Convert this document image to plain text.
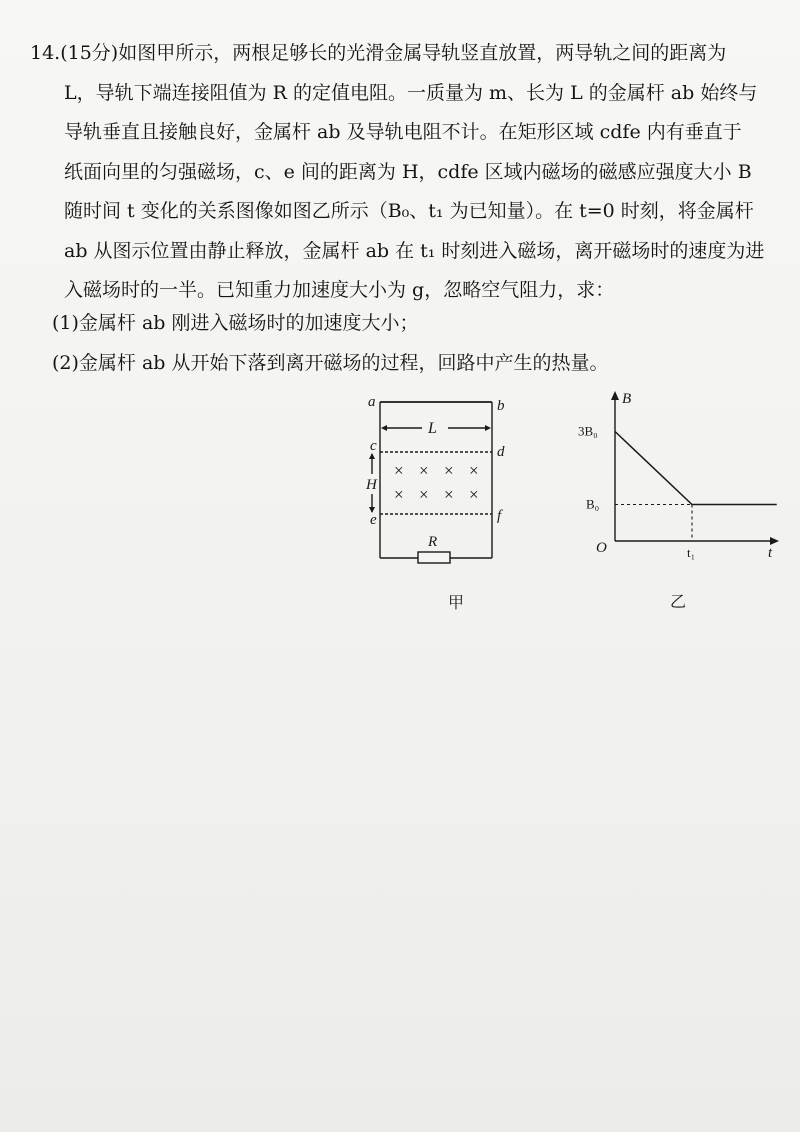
14.(15分)如图甲所示，两根足够长的光滑金属导轨竖直放置，两导轨之间的距离为
L，导轨下端连接阻值为 R 的定值电阻。一质量为 m、长为 L 的金属杆 ab 始终与
导轨垂直且接触良好，金属杆 ab 及导轨电阻不计。在矩形区域 cdfe 内有垂直于
纸面向里的匀强磁场，c、e 间的距离为 H，cdfe 区域内磁场的磁感应强度大小 B
随时间 t 变化的关系图像如图乙所示（B₀、t₁ 为已知量）。在 t=0 时刻，将金属杆
ab 从图示位置由静止释放，金属杆 ab 在 t₁ 时刻进入磁场，离开磁场时的速度为进
入磁场时的一半。已知重力加速度大小为 g，忽略空气阻力，求：
(1)金属杆 ab 刚进入磁场时的加速度大小；
(2)金属杆 ab 从开始下落到离开磁场的过程，回路中产生的热量。
a	b
c	d
e	f
L
H
R
× × × ×
× × × ×
甲
B
t
O
3B₀
B₀
t₁
乙
